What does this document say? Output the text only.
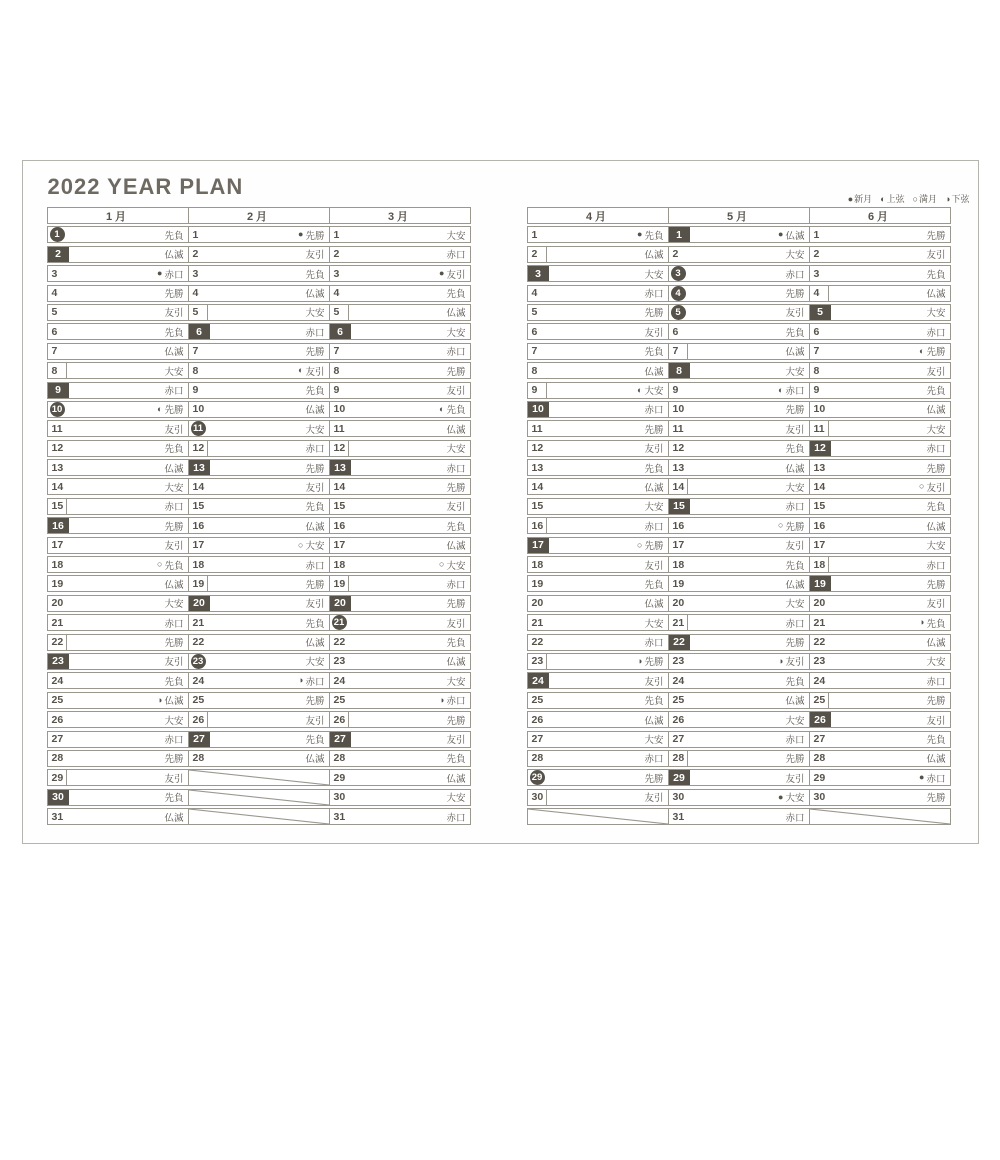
2022 YEAR PLAN	● 新月 ◐ 上弦 ○ 満月 ◑ 下弦
1月
1	先負
2	仏滅
3	● 赤口
4	先勝
5	友引
6	先負
7	仏滅
8	大安
9	赤口
10	◐ 先勝
11	友引
12	先負
13	仏滅
14	大安
15	赤口
16	先勝
17	友引
18	○ 先負
19	仏滅
20	大安
21	赤口
22	先勝
23	友引
24	先負
25	◑ 仏滅
26	大安
27	赤口
28	先勝
29	友引
30	先負
31	仏滅
2月
1	● 先勝
2	友引
3	先負
4	仏滅
5	大安
6	赤口
7	先勝
8	◐ 友引
9	先負
10	仏滅
11	大安
12	赤口
13	先勝
14	友引
15	先負
16	仏滅
17	○ 大安
18	赤口
19	先勝
20	友引
21	先負
22	仏滅
23	大安
24	◑ 赤口
25	先勝
26	友引
27	先負
28	仏滅
3月
1	大安
2	赤口
3	● 友引
4	先負
5	仏滅
6	大安
7	赤口
8	先勝
9	友引
10	◐ 先負
11	仏滅
12	大安
13	赤口
14	先勝
15	友引
16	先負
17	仏滅
18	○ 大安
19	赤口
20	先勝
21	友引
22	先負
23	仏滅
24	大安
25	◑ 赤口
26	先勝
27	友引
28	先負
29	仏滅
30	大安
31	赤口
4月
1	● 先負
2	仏滅
3	大安
4	赤口
5	先勝
6	友引
7	先負
8	仏滅
9	◐ 大安
10	赤口
11	先勝
12	友引
13	先負
14	仏滅
15	大安
16	赤口
17	○ 先勝
18	友引
19	先負
20	仏滅
21	大安
22	赤口
23	◑ 先勝
24	友引
25	先負
26	仏滅
27	大安
28	赤口
29	先勝
30	友引
5月
1	● 仏滅
2	大安
3	赤口
4	先勝
5	友引
6	先負
7	仏滅
8	大安
9	◐ 赤口
10	先勝
11	友引
12	先負
13	仏滅
14	大安
15	赤口
16	○ 先勝
17	友引
18	先負
19	仏滅
20	大安
21	赤口
22	先勝
23	◑ 友引
24	先負
25	仏滅
26	大安
27	赤口
28	先勝
29	友引
30	● 大安
31	赤口
6月
1	先勝
2	友引
3	先負
4	仏滅
5	大安
6	赤口
7	◐ 先勝
8	友引
9	先負
10	仏滅
11	大安
12	赤口
13	先勝
14	○ 友引
15	先負
16	仏滅
17	大安
18	赤口
19	先勝
20	友引
21	◑ 先負
22	仏滅
23	大安
24	赤口
25	先勝
26	友引
27	先負
28	仏滅
29	● 赤口
30	先勝
